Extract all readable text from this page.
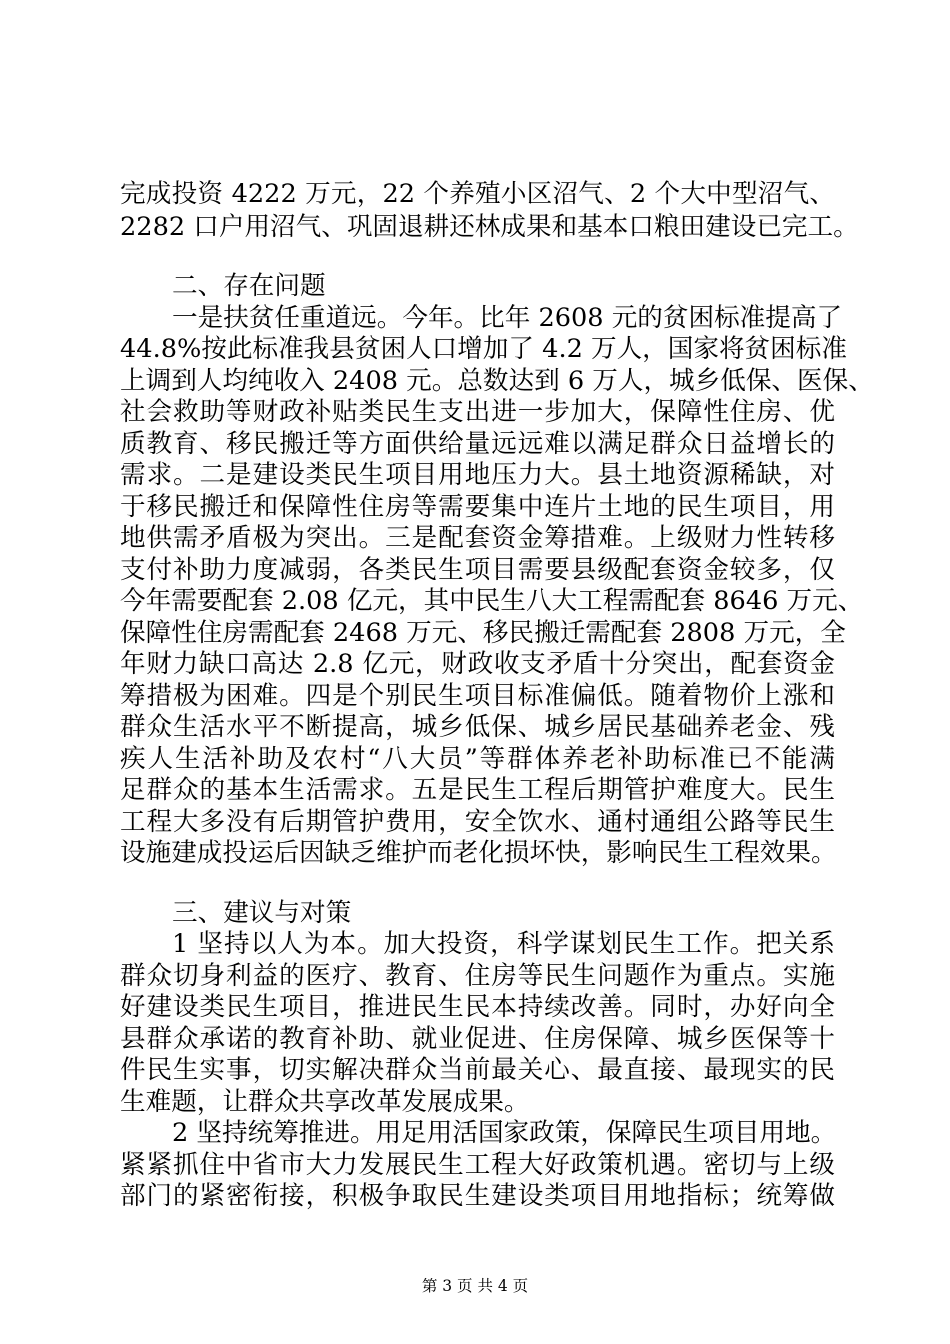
完成投资 4222 万元，22 个养殖小区沼气、2 个大中型沼气、
2282 口户用沼气、巩固退耕还林成果和基本口粮田建设已完工。
二、存在问题
一是扶贫任重道远。今年。比年 2608 元的贫困标准提高了
44.8%按此标准我县贫困人口增加了 4.2 万人，国家将贫困标准
上调到人均纯收入 2408 元。总数达到 6 万人，城乡低保、医保、
社会救助等财政补贴类民生支出进一步加大，保障性住房、优
质教育、移民搬迁等方面供给量远远难以满足群众日益增长的
需求。二是建设类民生项目用地压力大。县土地资源稀缺，对
于移民搬迁和保障性住房等需要集中连片土地的民生项目，用
地供需矛盾极为突出。三是配套资金筹措难。上级财力性转移
支付补助力度减弱，各类民生项目需要县级配套资金较多，仅
今年需要配套 2.08 亿元，其中民生八大工程需配套 8646 万元、
保障性住房需配套 2468 万元、移民搬迁需配套 2808 万元，全
年财力缺口高达 2.8 亿元，财政收支矛盾十分突出，配套资金
筹措极为困难。四是个别民生项目标准偏低。随着物价上涨和
群众生活水平不断提高，城乡低保、城乡居民基础养老金、残
疾人生活补助及农村“八大员”等群体养老补助标准已不能满
足群众的基本生活需求。五是民生工程后期管护难度大。民生
工程大多没有后期管护费用，安全饮水、通村通组公路等民生
设施建成投运后因缺乏维护而老化损坏快，影响民生工程效果。
三、建议与对策
1 坚持以人为本。加大投资，科学谋划民生工作。把关系
群众切身利益的医疗、教育、住房等民生问题作为重点。实施
好建设类民生项目，推进民生民本持续改善。同时，办好向全
县群众承诺的教育补助、就业促进、住房保障、城乡医保等十
件民生实事，切实解决群众当前最关心、最直接、最现实的民
生难题，让群众共享改革发展成果。
2 坚持统筹推进。用足用活国家政策，保障民生项目用地。
紧紧抓住中省市大力发展民生工程大好政策机遇。密切与上级
部门的紧密衔接，积极争取民生建设类项目用地指标；统筹做
第 3 页 共 4 页
